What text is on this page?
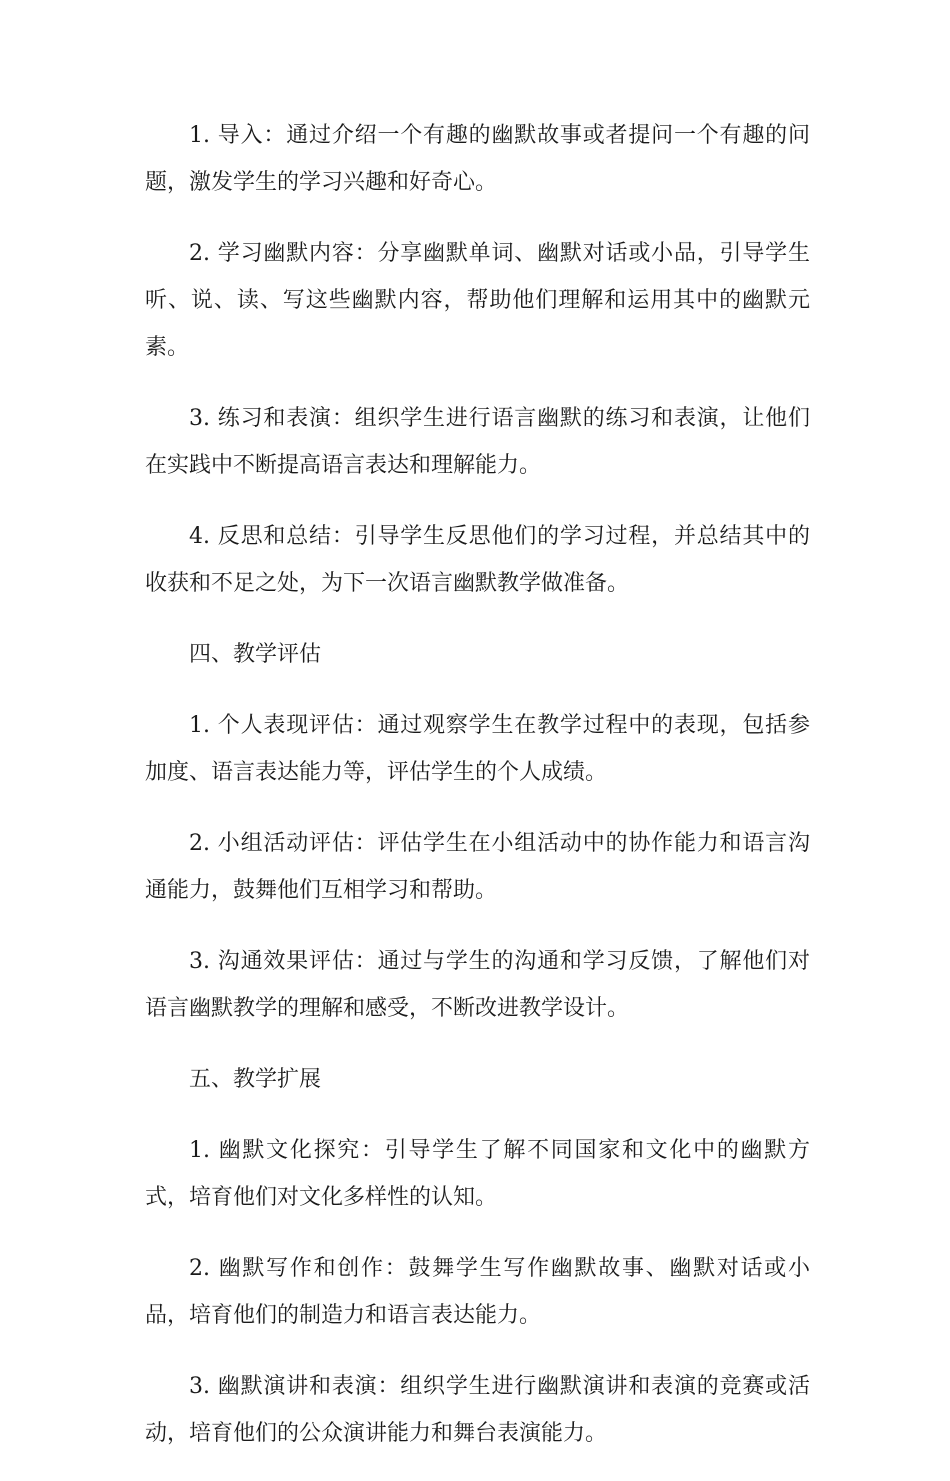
1. 导入：通过介绍一个有趣的幽默故事或者提问一个有趣的问题，激发学生的学习兴趣和好奇心。

2. 学习幽默内容：分享幽默单词、幽默对话或小品，引导学生听、说、读、写这些幽默内容，帮助他们理解和运用其中的幽默元素。

3. 练习和表演：组织学生进行语言幽默的练习和表演，让他们在实践中不断提高语言表达和理解能力。

4. 反思和总结：引导学生反思他们的学习过程，并总结其中的收获和不足之处，为下一次语言幽默教学做准备。

四、教学评估

1. 个人表现评估：通过观察学生在教学过程中的表现，包括参加度、语言表达能力等，评估学生的个人成绩。

2. 小组活动评估：评估学生在小组活动中的协作能力和语言沟通能力，鼓舞他们互相学习和帮助。

3. 沟通效果评估：通过与学生的沟通和学习反馈，了解他们对语言幽默教学的理解和感受，不断改进教学设计。

五、教学扩展

1. 幽默文化探究：引导学生了解不同国家和文化中的幽默方式，培育他们对文化多样性的认知。

2. 幽默写作和创作：鼓舞学生写作幽默故事、幽默对话或小品，培育他们的制造力和语言表达能力。

3. 幽默演讲和表演：组织学生进行幽默演讲和表演的竞赛或活动，培育他们的公众演讲能力和舞台表演能力。
